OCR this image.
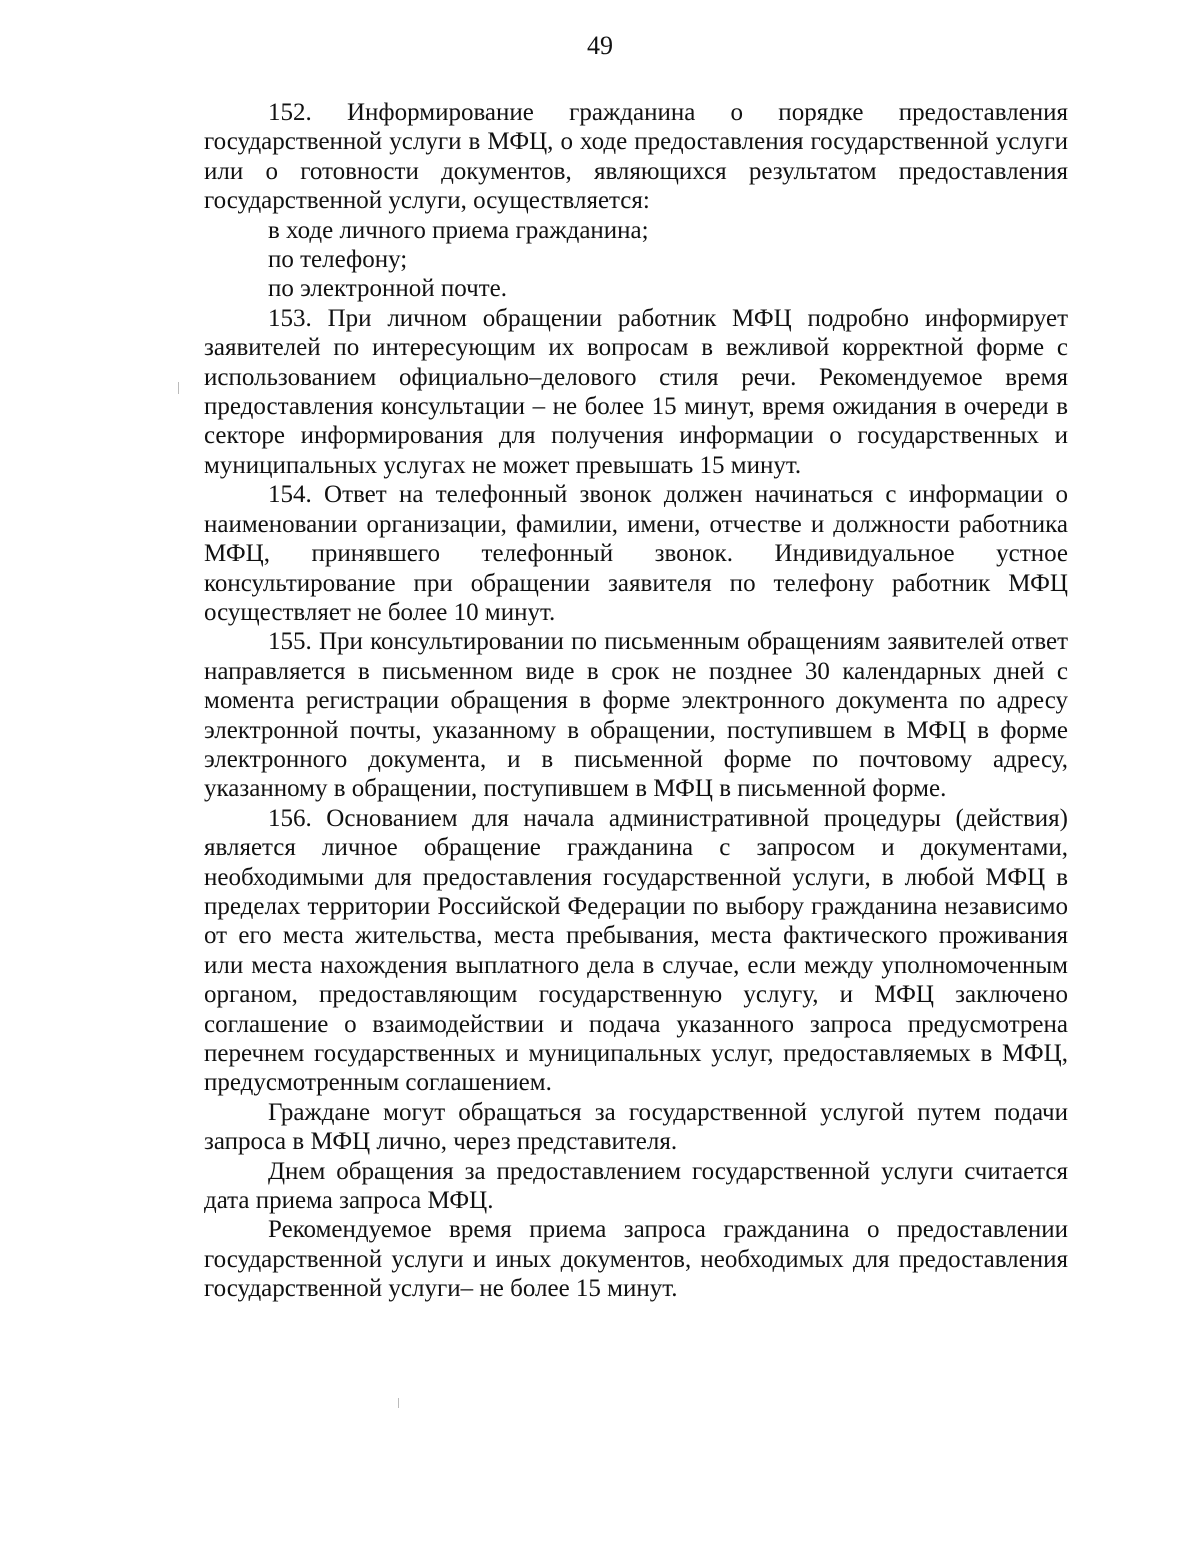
49

152. Информирование гражданина о порядке предоставления государственной услуги в МФЦ, о ходе предоставления государственной услуги или о готовности документов, являющихся результатом предоставления государственной услуги, осуществляется:

в ходе личного приема гражданина;

по телефону;

по электронной почте.

153. При личном обращении работник МФЦ подробно информирует заявителей по интересующим их вопросам в вежливой корректной форме с использованием официально–делового стиля речи. Рекомендуемое время предоставления консультации – не более 15 минут, время ожидания в очереди в секторе информирования для получения информации о государственных и муниципальных услугах не может превышать 15 минут.

154. Ответ на телефонный звонок должен начинаться с информации о наименовании организации, фамилии, имени, отчестве и должности работника МФЦ, принявшего телефонный звонок. Индивидуальное устное консультирование при обращении заявителя по телефону работник МФЦ осуществляет не более 10 минут.

155. При консультировании по письменным обращениям заявителей ответ направляется в письменном виде в срок не позднее 30 календарных дней с момента регистрации обращения в форме электронного документа по адресу электронной почты, указанному в обращении, поступившем в МФЦ в форме электронного документа, и в письменной форме по почтовому адресу, указанному в обращении, поступившем в МФЦ в письменной форме.

156. Основанием для начала административной процедуры (действия) является личное обращение гражданина с запросом и документами, необходимыми для предоставления государственной услуги, в любой МФЦ в пределах территории Российской Федерации по выбору гражданина независимо от его места жительства, места пребывания, места фактического проживания или места нахождения выплатного дела в случае, если между уполномоченным органом, предоставляющим государственную услугу, и МФЦ заключено соглашение о взаимодействии и подача указанного запроса предусмотрена перечнем государственных и муниципальных услуг, предоставляемых в МФЦ, предусмотренным соглашением.

Граждане могут обращаться за государственной услугой путем подачи запроса в МФЦ лично, через представителя.

Днем обращения за предоставлением государственной услуги считается дата приема запроса МФЦ.

Рекомендуемое время приема запроса гражданина о предоставлении государственной услуги и иных документов, необходимых для предоставления государственной услуги– не более 15 минут.
